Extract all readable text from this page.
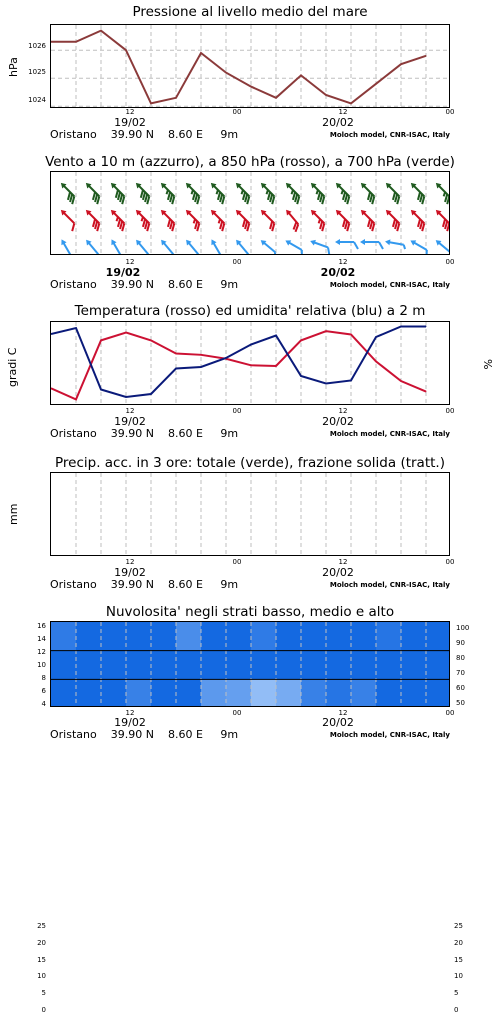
Pressione al livello medio del mare
hPa
1026
1025
1024
12	00	12	00
19/02	20/02
Oristano 39.90 N 8.60 E 9m	Moloch model, CNR-ISAC, Italy
Vento a 10 m (azzurro), a 850 hPa (rosso), a 700 hPa (verde)
12	00	12	00
19/02	20/02
Oristano 39.90 N 8.60 E 9m	Moloch model, CNR-ISAC, Italy
Temperatura (rosso) ed umidita' relativa (blu) a 2 m
gradi C	%
16
14
12
10
8
6
4
100
90
80
70
60
50
12	00	12	00
19/02	20/02
Oristano 39.90 N 8.60 E 9m	Moloch model, CNR-ISAC, Italy
Precip. acc. in 3 ore: totale (verde), frazione solida (tratt.)
mm
25	25
20	20
15	15
10	10
5	5
0	0
12	00	12	00
19/02	20/02
Oristano 39.90 N 8.60 E 9m	Moloch model, CNR-ISAC, Italy
Nuvolosita' negli strati basso, medio e alto
12	00	12	00
19/02	20/02
Oristano 39.90 N 8.60 E 9m	Moloch model, CNR-ISAC, Italy
